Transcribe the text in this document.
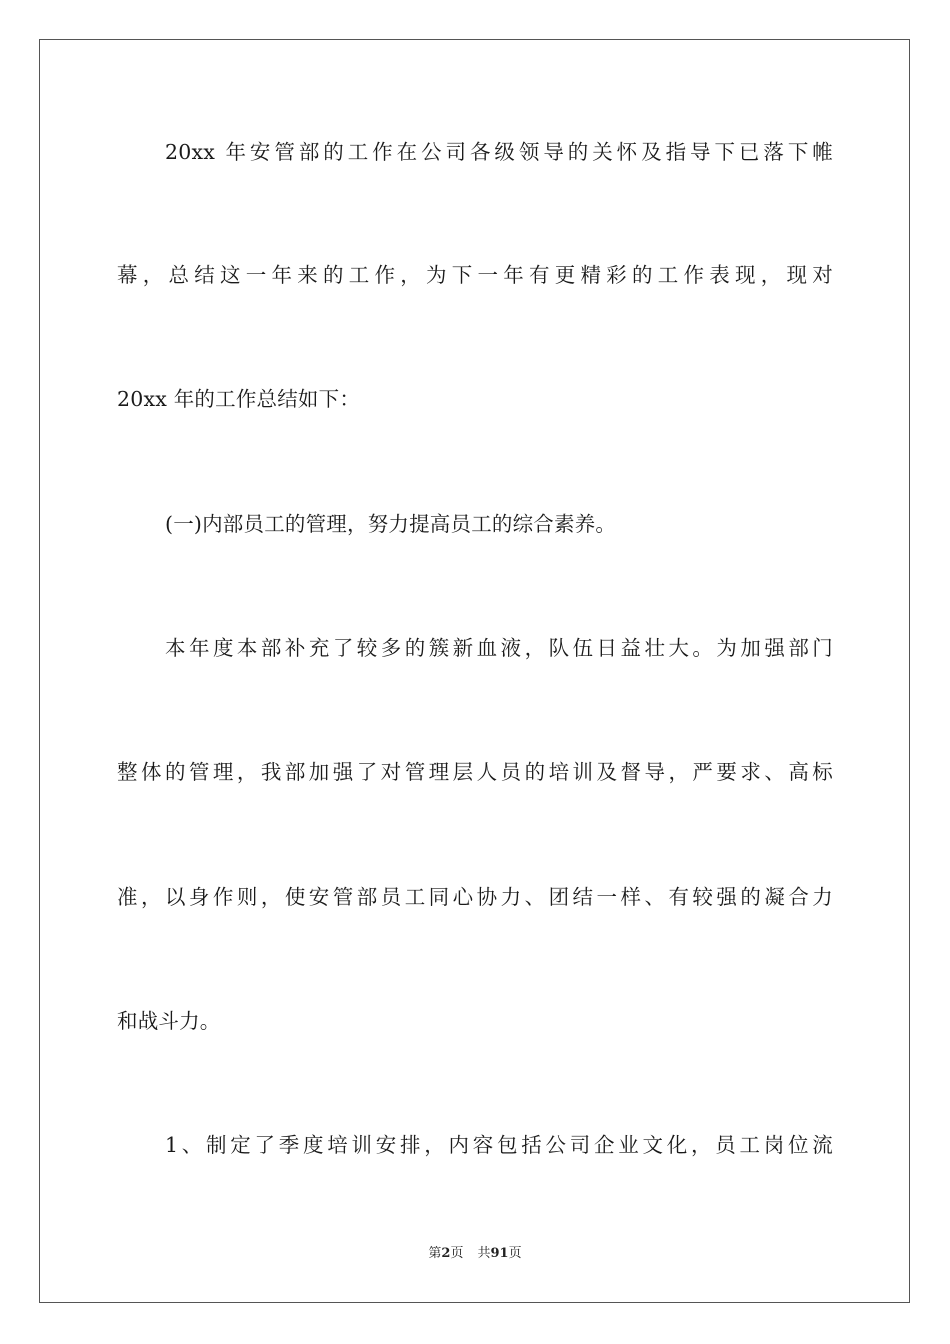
20xx 年安管部的工作在公司各级领导的关怀及指导下已落下帷
幕，总结这一年来的工作，为下一年有更精彩的工作表现，现对
20xx 年的工作总结如下：
(一)内部员工的管理，努力提高员工的综合素养。
本年度本部补充了较多的簇新血液，队伍日益壮大。为加强部门
整体的管理，我部加强了对管理层人员的培训及督导，严要求、高标
准，以身作则，使安管部员工同心协力、团结一样、有较强的凝合力
和战斗力。
1、制定了季度培训安排，内容包括公司企业文化，员工岗位流
第2页 共91页
